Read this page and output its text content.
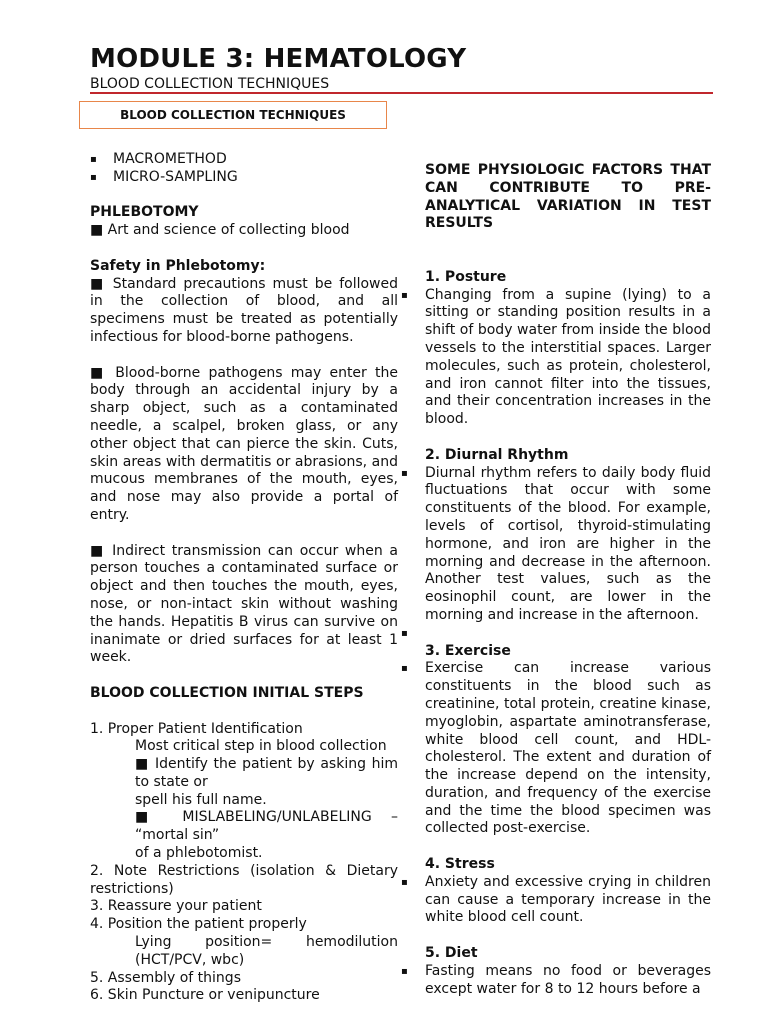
MODULE 3: HEMATOLOGY

BLOOD COLLECTION TECHNIQUES

BLOOD COLLECTION TECHNIQUES

▪ MACROMETHOD

▪ MICRO-SAMPLING

PHLEBOTOMY

■ Art and science of collecting blood

Safety in Phlebotomy:

■ Standard precautions must be followed in the collection of blood, and all specimens must be treated as potentially infectious for blood-borne pathogens.

■ Blood-borne pathogens may enter the body through an accidental injury by a sharp object, such as a contaminated needle, a scalpel, broken glass, or any other object that can pierce the skin. Cuts, skin areas with dermatitis or abrasions, and mucous membranes of the mouth, eyes, and nose may also provide a portal of entry.

■ Indirect transmission can occur when a person touches a contaminated surface or object and then touches the mouth, eyes, nose, or non-intact skin without washing the hands. Hepatitis B virus can survive on inanimate or dried surfaces for at least 1 week.

BLOOD COLLECTION INITIAL STEPS

1. Proper Patient Identification

Most critical step in blood collection

■ Identify the patient by asking him to state or

spell his full name.

■ MISLABELING/UNLABELING – “mortal sin”

of a phlebotomist.

2. Note Restrictions (isolation & Dietary restrictions)

3. Reassure your patient

4. Position the patient properly

Lying position= hemodilution (HCT/PCV, wbc)

5. Assembly of things

6. Skin Puncture or venipuncture

SOME PHYSIOLOGIC FACTORS THAT CAN CONTRIBUTE TO PRE-ANALYTICAL VARIATION IN TEST RESULTS

1. Posture

▪ Changing from a supine (lying) to a sitting or standing position results in a shift of body water from inside the blood vessels to the interstitial spaces. Larger molecules, such as protein, cholesterol, and iron cannot filter into the tissues, and their concentration increases in the blood.

2. Diurnal Rhythm

▪ Diurnal rhythm refers to daily body fluid fluctuations that occur with some constituents of the blood. For example, levels of cortisol, thyroid-stimulating hormone, and iron are higher in the morning and decrease in the afternoon. Another test values, such as the eosinophil count, are lower in the morning and increase in the afternoon.

▪

3. Exercise

▪ Exercise can increase various constituents in the blood such as creatinine, total protein, creatine kinase, myoglobin, aspartate aminotransferase, white blood cell count, and HDL-cholesterol. The extent and duration of the increase depend on the intensity, duration, and frequency of the exercise and the time the blood specimen was collected post-exercise.

4. Stress

▪ Anxiety and excessive crying in children can cause a temporary increase in the white blood cell count.

5. Diet

▪ Fasting means no food or beverages except water for 8 to 12 hours before a
